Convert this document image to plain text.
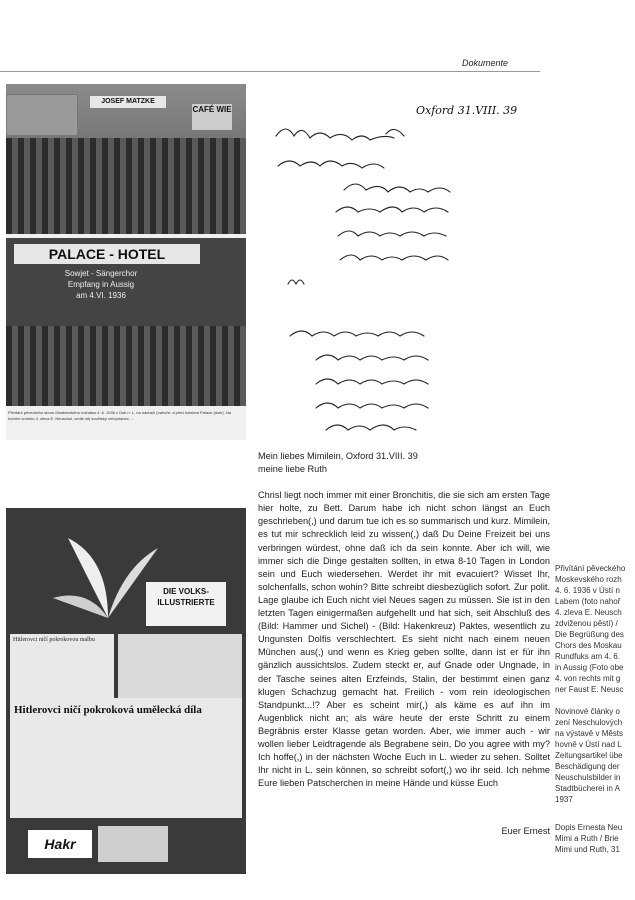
Dokumente
JOSEF MATZKE
CAFÉ WIE
PALACE - HOTEL
Sowjet - Sängerchor
Empfang in Aussig
am 4.VI. 1936
Přivítání pěveckého sboru Moskevského rozhlasu 4. 6. 1936 v Ústí n. L. na nádraží (nahoře, a před hotelem Palace (dole). Na horním snímku 4. zleva E. Neuschul, vedle něj sovětský velvyslanec, ...
Oxford 31.VIII. 39
Mein liebes Mimilein, Oxford 31.VIII. 39
meine liebe Ruth
Chrisl liegt noch immer mit einer Bronchitis, die sie sich am ersten Tage hier holte, zu Bett. Darum habe ich nicht schon längst an Euch geschrieben(,) und darum tue ich es so summarisch und kurz. Mimilein, es tut mir schrecklich leid zu wissen(,) daß Du Deine Freizeit bei uns verbringen würdest, ohne daß ich da sein konnte. Aber ich will, wie immer sich die Dinge gestalten sollten, in etwa 8-10 Tagen in London sein und Euch wiedersehen. Werdet ihr mit evacuiert? Wisset Ihr, solchenfalls, schon wohin? Bitte schreibt diesbezüglich sofort. Zur polit. Lage glaube ich Euch nicht viel Neues sagen zu müssen. Sie ist in den letzten Tagen einigermaßen aufgehellt und hat sich, seit Abschluß des (Bild: Hammer und Sichel) - (Bild: Hakenkreuz) Paktes, wesentlich zu Ungunsten Dolfis verschlechtert. Es sieht nicht nach einem neuen München aus(,) und wenn es Krieg geben sollte, dann ist er für ihn gänzlich aussichtslos. Zudem steckt er, auf Gnade oder Ungnade, in der Tasche seines alten Erzfeinds, Stalin, der bestimmt einen ganz klugen Schachzug gemacht hat. Freilich - vom rein ideologischen Standpunkt...!? Aber es scheint mir(,) als käme es auf ihn im Augenblick nicht an; als wäre heute der erste Schritt zu einem Begräbnis erster Klasse getan worden. Aber, wie immer auch - wir wollen lieber Leidtragende als Begrabene sein, Do you agree with my? Ich hoffe(,) in der nächsten Woche Euch in L. wieder zu sehen. Solltet Ihr nicht in L. sein können, so schreibt sofort(,) wo ihr seid. Ich nehme Eure lieben Patscherchen in meine Hände und küsse Euch
Euer Ernest
DIE VOLKS-
ILLUSTRIERTE
Hitlerovci ničí pokrokovou malbu
Hitlerovci ničí pokroková umělecká díla
Hakr

Přivítání pěveckého

Moskevského rozh

4. 6. 1936 v Ústí n

Labem (foto nahoř

4. zleva E. Neusch

zdviženou pěstí) /

Die Begrüßung des

Chors des Moskau

Rundfuks am 4. 6.

in Aussig (Foto obe

4. von rechts mit g

ner Faust E. Neusc

Novinové články o

zení Neschulových

na výstavě v Městs

hovně v Ústí nad L

Zeitungsartikel übe

Beschädigung der

Neuschulsbilder in

Stadtbücherei in A

1937

Dopis Ernesta Neu

Mimi a Ruth / Brie

Mimi und Ruth, 31
